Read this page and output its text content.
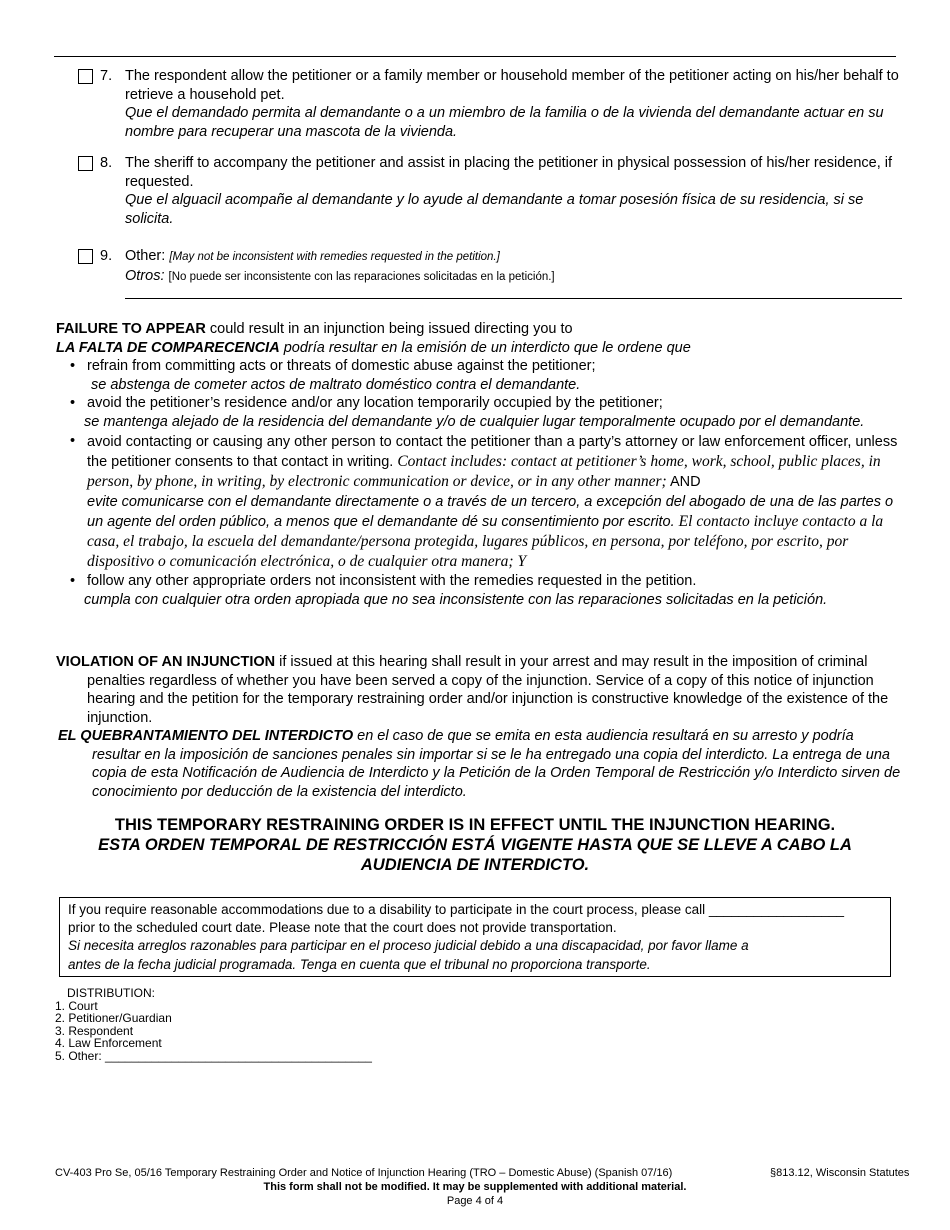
7. The respondent allow the petitioner or a family member or household member of the petitioner acting on his/her behalf to retrieve a household pet.
Que el demandado permita al demandante o a un miembro de la familia o de la vivienda del demandante actuar en su nombre para recuperar una mascota de la vivienda.
8. The sheriff to accompany the petitioner and assist in placing the petitioner in physical possession of his/her residence, if requested.
Que el alguacil acompañe al demandante y lo ayude al demandante a tomar posesión física de su residencia, si se solicita.
9. Other: [May not be inconsistent with remedies requested in the petition.]
Otros: [No puede ser inconsistente con las reparaciones solicitadas en la petición.]
FAILURE TO APPEAR could result in an injunction being issued directing you to
LA FALTA DE COMPARECENCIA podría resultar en la emisión de un interdicto que le ordene que
• refrain from committing acts or threats of domestic abuse against the petitioner;
se abstenga de cometer actos de maltrato doméstico contra el demandante.
• avoid the petitioner’s residence and/or any location temporarily occupied by the petitioner;
se mantenga alejado de la residencia del demandante y/o de cualquier lugar temporalmente ocupado por el demandante.
• avoid contacting or causing any other person to contact the petitioner than a party’s attorney or law enforcement officer, unless the petitioner consents to that contact in writing. Contact includes: contact at petitioner’s home, work, school, public places, in person, by phone, in writing, by electronic communication or device, or in any other manner; AND
evite comunicarse con el demandante directamente o a través de un tercero, a excepción del abogado de una de las partes o un agente del orden público, a menos que el demandante dé su consentimiento por escrito. El contacto incluye contacto a la casa, el trabajo, la escuela del demandante/persona protegida, lugares públicos, en persona, por teléfono, por escrito, por dispositivo o comunicación electrónica, o de cualquier otra manera; Y
• follow any other appropriate orders not inconsistent with the remedies requested in the petition.
cumpla con cualquier otra orden apropiada que no sea inconsistente con las reparaciones solicitadas en la petición.
VIOLATION OF AN INJUNCTION if issued at this hearing shall result in your arrest and may result in the imposition of criminal penalties regardless of whether you have been served a copy of the injunction. Service of a copy of this notice of injunction hearing and the petition for the temporary restraining order and/or injunction is constructive knowledge of the existence of the injunction.
EL QUEBRANTAMIENTO DEL INTERDICTO en el caso de que se emita en esta audiencia resultará en su arresto y podría resultar en la imposición de sanciones penales sin importar si se le ha entregado una copia del interdicto. La entrega de una copia de esta Notificación de Audiencia de Interdicto y la Petición de la Orden Temporal de Restricción y/o Interdicto sirven de conocimiento por deducción de la existencia del interdicto.
THIS TEMPORARY RESTRAINING ORDER IS IN EFFECT UNTIL THE INJUNCTION HEARING.
ESTA ORDEN TEMPORAL DE RESTRICCIÓN ESTÁ VIGENTE HASTA QUE SE LLEVE A CABO LA AUDIENCIA DE INTERDICTO.
If you require reasonable accommodations due to a disability to participate in the court process, please call __________________
prior to the scheduled court date. Please note that the court does not provide transportation.
Si necesita arreglos razonables para participar en el proceso judicial debido a una discapacidad, por favor llame a
antes de la fecha judicial programada. Tenga en cuenta que el tribunal no proporciona transporte.
DISTRIBUTION:
1. Court
2. Petitioner/Guardian
3. Respondent
4. Law Enforcement
5. Other: ________________________________________
CV-403 Pro Se, 05/16 Temporary Restraining Order and Notice of Injunction Hearing (TRO – Domestic Abuse) (Spanish 07/16)	§813.12, Wisconsin Statutes
This form shall not be modified. It may be supplemented with additional material.
Page 4 of 4
